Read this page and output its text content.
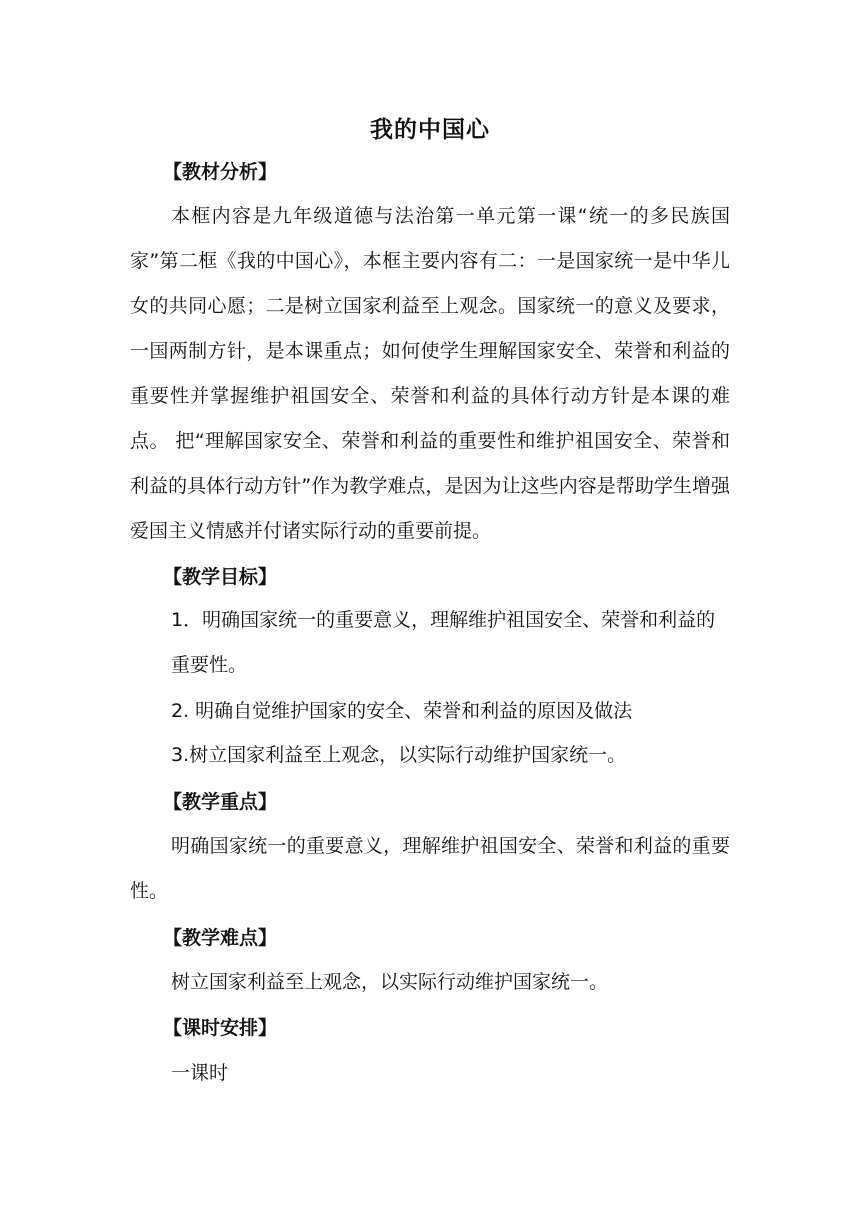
我的中国心
【教材分析】

本框内容是九年级道德与法治第一单元第一课“统一的多民族国家”第二框《我的中国心》，本框主要内容有二：一是国家统一是中华儿女的共同心愿；二是树立国家利益至上观念。国家统一的意义及要求，一国两制方针，是本课重点；如何使学生理解国家安全、荣誉和利益的重要性并掌握维护祖国安全、荣誉和利益的具体行动方针是本课的难点。 把“理解国家安全、荣誉和利益的重要性和维护祖国安全、荣誉和利益的具体行动方针”作为教学难点，是因为让这些内容是帮助学生增强爱国主义情感并付诸实际行动的重要前提。

【教学目标】

1．明确国家统一的重要意义，理解维护祖国安全、荣誉和利益的重要性。

2. 明确自觉维护国家的安全、荣誉和利益的原因及做法

3.树立国家利益至上观念，以实际行动维护国家统一。

【教学重点】

明确国家统一的重要意义，理解维护祖国安全、荣誉和利益的重要性。

【教学难点】

树立国家利益至上观念，以实际行动维护国家统一。

【课时安排】

一课时
